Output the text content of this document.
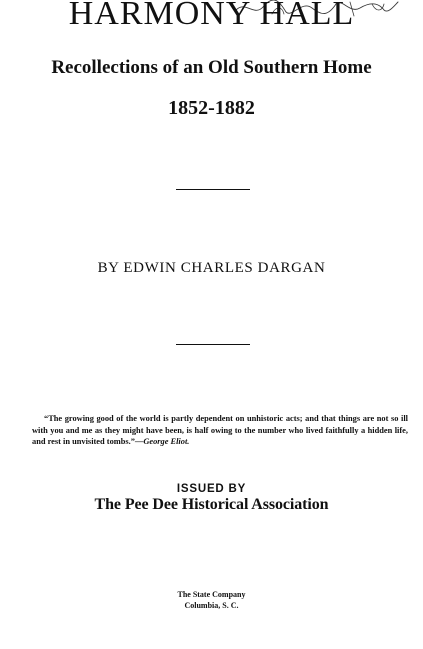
HARMONY HALL
Recollections of an Old Southern Home
1852-1882
BY EDWIN CHARLES DARGAN
“The growing good of the world is partly dependent on unhistoric acts; and that things are not so ill with you and me as they might have been, is half owing to the number who lived faithfully a hidden life, and rest in unvisited tombs.”—George Eliot.
ISSUED BY
The Pee Dee Historical Association
The State Company
Columbia, S. C.
